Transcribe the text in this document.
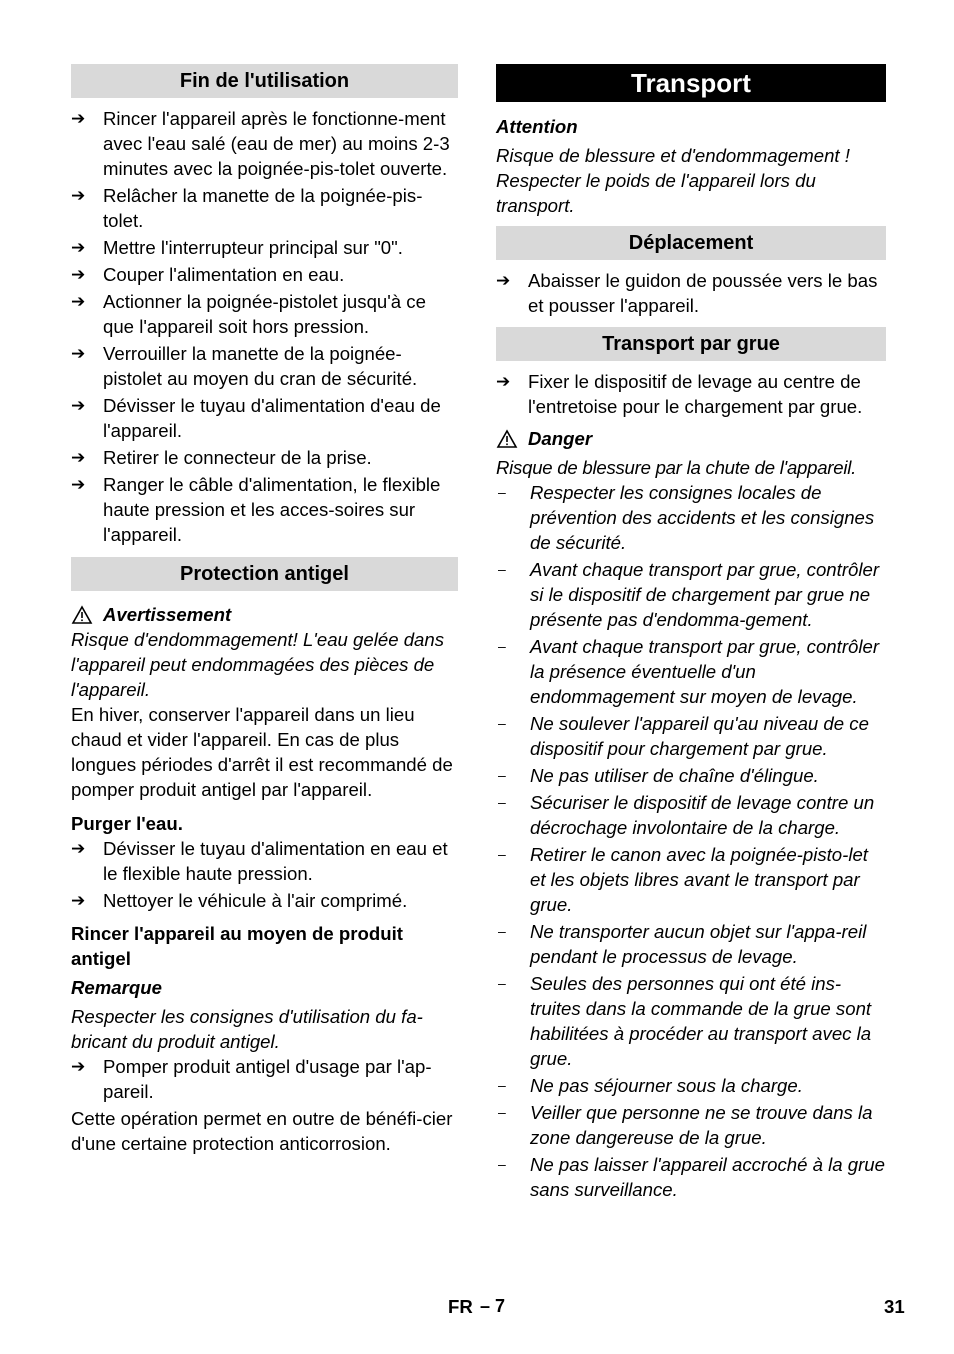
Fin de l'utilisation
➔ Rincer l'appareil après le fonctionne-ment avec l'eau salé (eau de mer) au moins 2-3 minutes avec la poignée-pis-tolet ouverte.
➔ Relâcher la manette de la poignée-pis-tolet.
➔ Mettre l'interrupteur principal sur "0".
➔ Couper l'alimentation en eau.
➔ Actionner la poignée-pistolet jusqu'à ce que l'appareil soit hors pression.
➔ Verrouiller la manette de la poignée-pistolet au moyen du cran de sécurité.
➔ Dévisser le tuyau d'alimentation d'eau de l'appareil.
➔ Retirer le connecteur de la prise.
➔ Ranger le câble d'alimentation, le flexible haute pression et les acces-soires sur l'appareil.
Protection antigel
Avertissement

Risque d'endommagement! L'eau gelée dans l'appareil peut endommagées des pièces de l'appareil.

En hiver, conserver l'appareil dans un lieu chaud et vider l'appareil. En cas de plus longues périodes d'arrêt il est recommandé de pomper produit antigel par l'appareil.

Purger l'eau.

➔ Dévisser le tuyau d'alimentation en eau et le flexible haute pression.
➔ Nettoyer le véhicule à l'air comprimé.

Rincer l'appareil au moyen de produit antigel

Remarque

Respecter les consignes d'utilisation du fa-bricant du produit antigel.

➔ Pomper produit antigel d'usage par l'ap-pareil.

Cette opération permet en outre de bénéfi-cier d'une certaine protection anticorrosion.

Transport

Attention

Risque de blessure et d'endommagement ! Respecter le poids de l'appareil lors du transport.

Déplacement
➔ Abaisser le guidon de poussée vers le bas et pousser l'appareil.
Transport par grue
➔ Fixer le dispositif de levage au centre de l'entretoise pour le chargement par grue.
Danger

Risque de blessure par la chute de l'appareil.

–	Respecter les consignes locales de prévention des accidents et les consignes de sécurité.
–	Avant chaque transport par grue, contrôler si le dispositif de chargement par grue ne présente pas d'endomma-gement.
–	Avant chaque transport par grue, contrôler la présence éventuelle d'un endommagement sur moyen de levage.
–	Ne soulever l'appareil qu'au niveau de ce dispositif pour chargement par grue.
–	Ne pas utiliser de chaîne d'élingue.
–	Sécuriser le dispositif de levage contre un décrochage involontaire de la charge.
–	Retirer le canon avec la poignée-pisto-let et les objets libres avant le transport par grue.
–	Ne transporter aucun objet sur l'appa-reil pendant le processus de levage.
–	Seules des personnes qui ont été ins-truites dans la commande de la grue sont habilitées à procéder au transport avec la grue.
–	Ne pas séjourner sous la charge.
–	Veiller que personne ne se trouve dans la zone dangereuse de la grue.
–	Ne pas laisser l'appareil accroché à la grue sans surveillance.
FR – 7	31
